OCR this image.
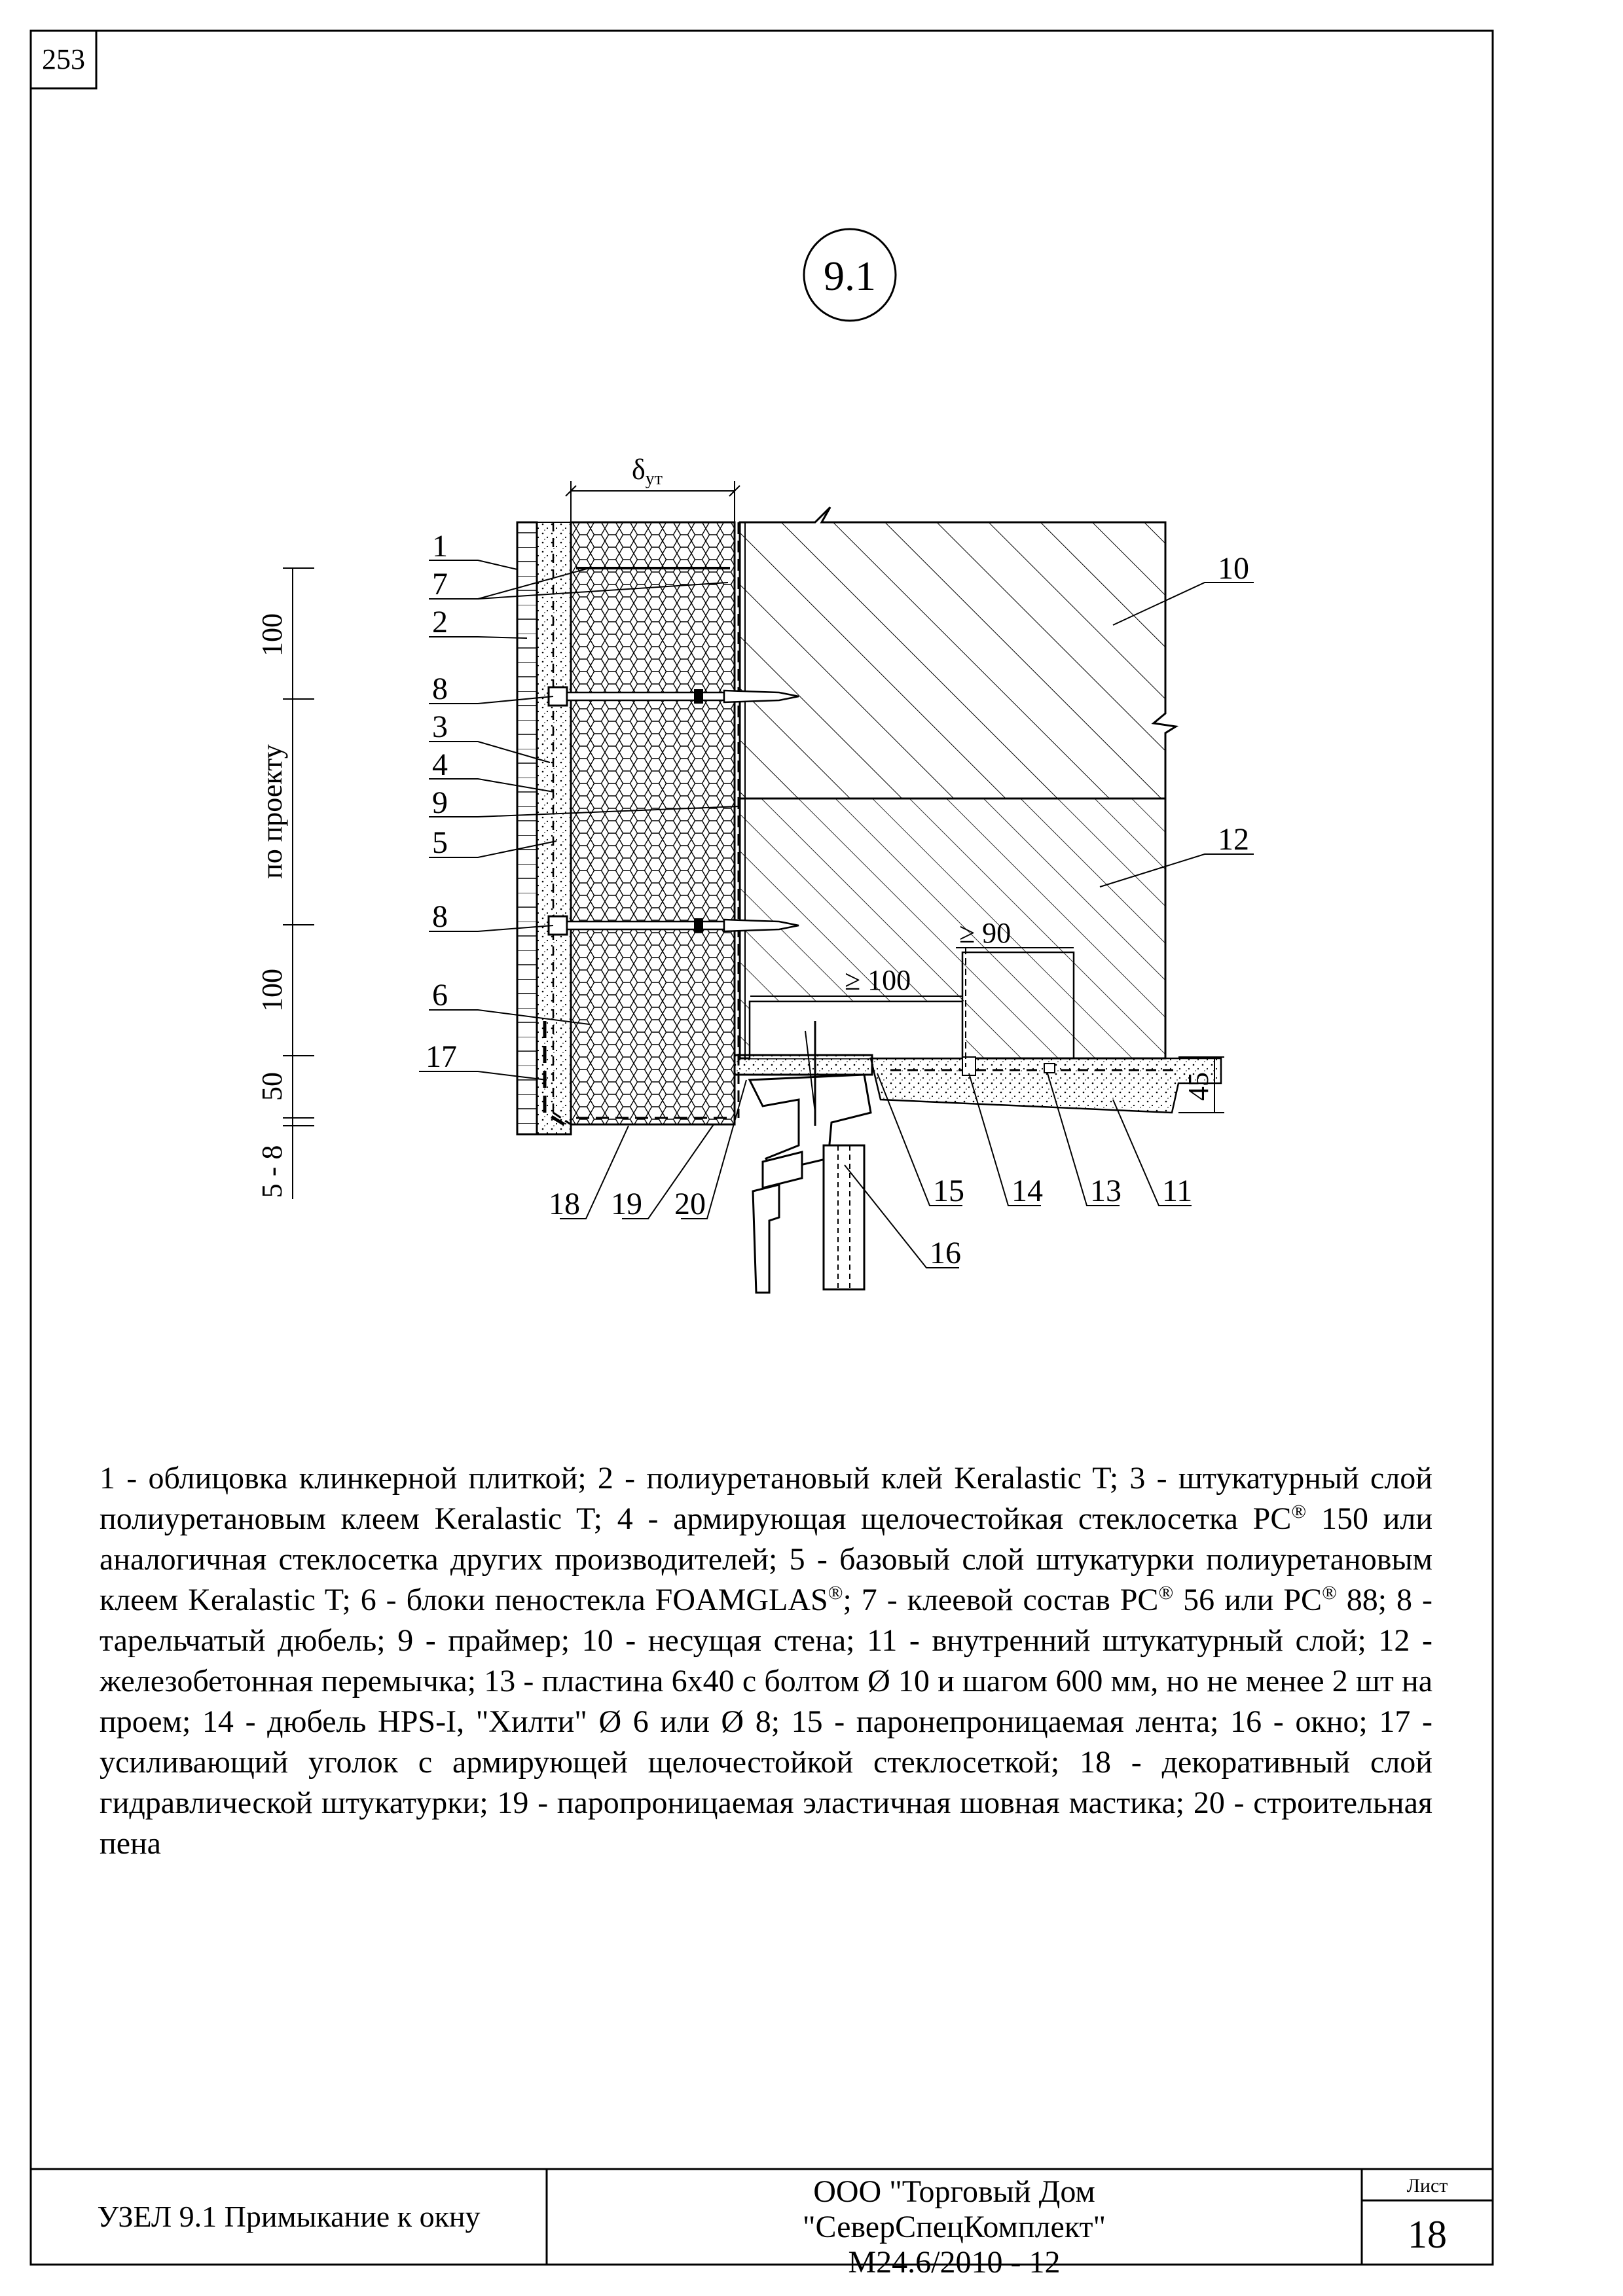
9.1
δут
100
по проекту
100
50
5 - 8
45
≥ 90
≥ 100
1
7
2
8
3
4
9
5
8
6
17
10
12
11
13
14
15
16
18 19 20
253
1 - облицовка клинкерной плиткой; 2 - полиуретановый клей Keralastic T; 3 - штукатурный слой полиуретановым клеем Keralastic T; 4 - армирующая щелочестойкая стеклосетка PC® 150 или аналогичная стеклосетка других производителей; 5 - базовый слой штукатурки полиуретановым клеем Keralastic T; 6 - блоки пеностекла FOAMGLAS®; 7 - клеевой состав PC® 56 или PC® 88; 8 - тарельчатый дюбель; 9 - праймер; 10 - несущая стена; 11 - внутренний штукатурный слой; 12 - железобетонная перемычка; 13 - пластина 6х40 с болтом Ø 10 и шагом 600 мм, но не менее 2 шт на проем; 14 - дюбель HPS-I, "Хилти" Ø 6 или Ø 8; 15 - паронепроницаемая лента; 16 - окно; 17 - усиливающий уголок с армирующей щелочестойкой стеклосеткой; 18 - декоративный слой гидравлической штукатурки; 19 - паропроницаемая эластичная шовная мастика; 20 - строительная пена
УЗЕЛ 9.1 Примыкание к окну
ООО "Торговый Дом
"СеверСпецКомплект"
М24.6/2010 - 12
Лист
18
